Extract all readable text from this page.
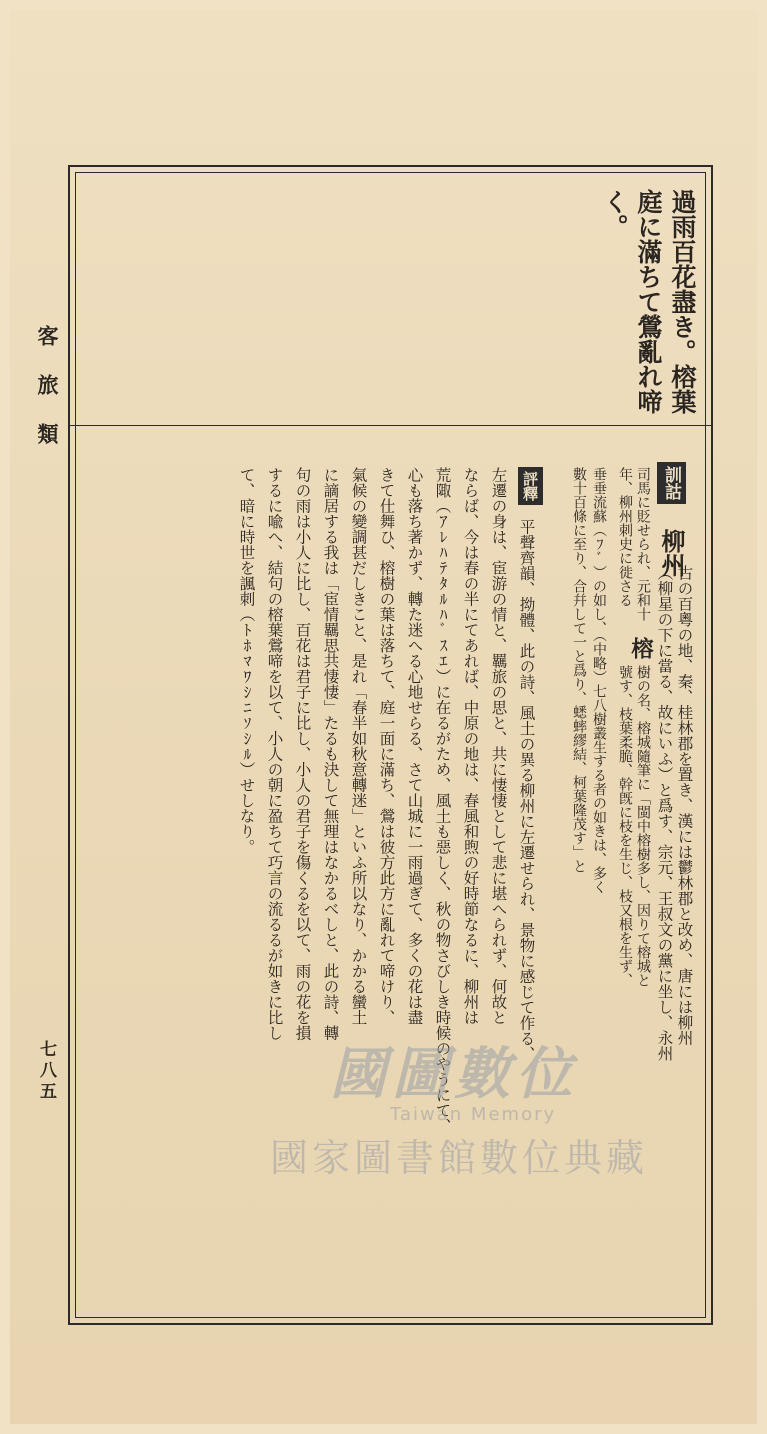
客旅類
七八五
過雨百花盡き。榕葉
庭に滿ちて鶯亂れ啼
く。
訓詁 柳州
古の百粵の地、秦、桂林郡を置き、漢には鬱林郡と改め、唐には柳州
（柳星の下に當る、故にいふ）と爲す、宗元、王叔文の黨に坐し、永州
司馬に貶せられ、元和十
年、柳州刺史に徙さる
榕
樹の名、榕城隨筆に「閩中榕樹多し、因りて榕城と
號す、枝葉柔脆、幹旣に枝を生じ、枝又根を生ず、
垂垂流蘇（ﾌﾞ）の如し、（中略）七八樹叢生する者の如きは、多く
數十百條に至り、合幷して一と爲り、蟋蟀繆結、柯葉隆茂す」と
評釋
平聲齊韻、拗體、此の詩、風土の異る柳州に左遷せられ、景物に感じて作る、
左遷の身は、宦游の情と、羈旅の思と、共に悽悽として悲に堪へられず、何故と
ならば、今は春の半にてあれば、中原の地は、春風和煦の好時節なるに、柳州は
荒陬（ｱﾚﾊﾃﾀﾙﾊﾞｽｴ）に在るがため、風土も惡しく、秋の物さびしき時候のやうにて、
心も落ち著かず、轉た迷へる心地せらる、さて山城に一雨過ぎて、多くの花は盡
きて仕舞ひ、榕樹の葉は落ちて、庭一面に滿ち、鶯は彼方此方に亂れて啼けり、
氣候の變調甚だしきこと、是れ「春半如秋意轉迷」といふ所以なり、かかる蠻土
に謫居する我は「宦情羈思共悽悽」たるも決して無理はなかるべしと、此の詩、轉
句の雨は小人に比し、百花は君子に比し、小人の君子を傷くるを以て、雨の花を損
するに喩へ、結句の榕葉鶯啼を以て、小人の朝に盈ちて巧言の流るるが如きに比し
て、暗に時世を諷刺（ﾄﾎﾏﾜｼﾆｿｼﾙ）せしなり。
國圖數位
Taiwan Memory
國家圖書館數位典藏
